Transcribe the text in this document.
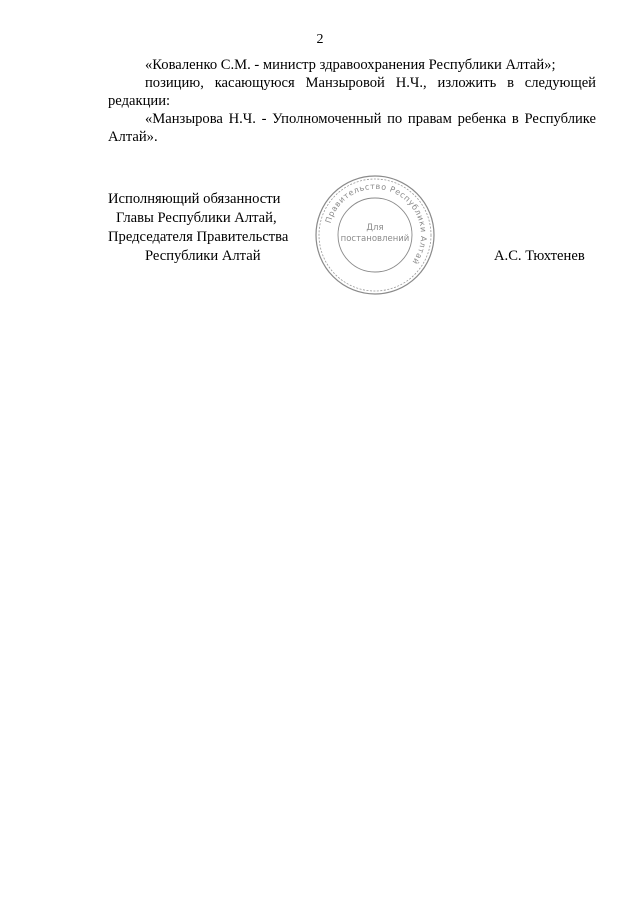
2

«Коваленко С.М. - министр здравоохранения Республики Алтай»;

позицию, касающуюся Манзыровой Н.Ч., изложить в следующей редакции:

«Манзырова Н.Ч. - Уполномоченный по правам ребенка в Республике Алтай».

Исполняющий обязанности
Главы Республики Алтай,
Председателя Правительства
Республики Алтай	А.С. Тюхтенев
Правительство Республики Алтай
Для
постановлений
